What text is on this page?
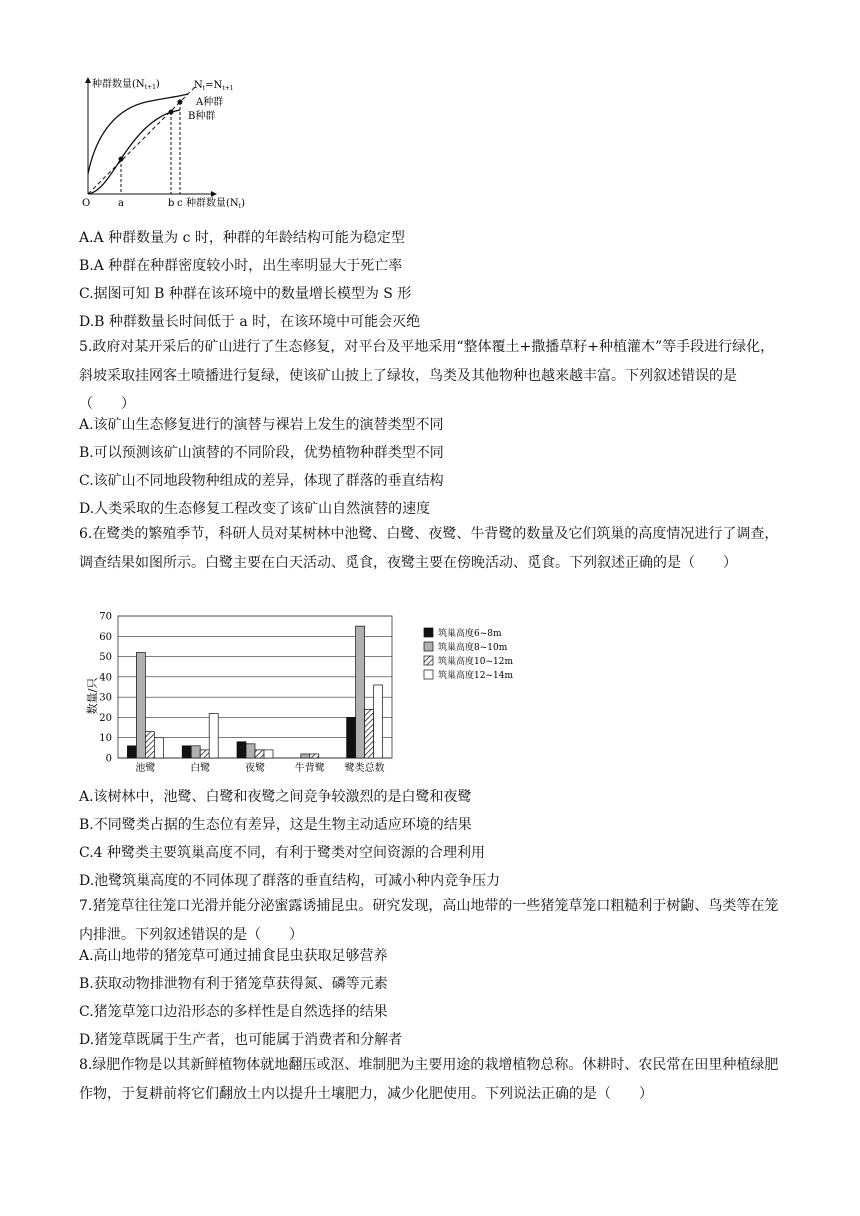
种群数量$(N_{t+1})$
种群数量$(N_t)$
O	a	b c
$N_t=N_{t+1}$
A种群
B种群
A.A 种群数量为 c 时，种群的年龄结构可能为稳定型
B.A 种群在种群密度较小时，出生率明显大于死亡率
C.据图可知 B 种群在该环境中的数量增长模型为 S 形
D.B 种群数量长时间低于 a 时，在该环境中可能会灭绝
5.政府对某开采后的矿山进行了生态修复，对平台及平地采用“整体覆土+撒播草籽+种植灌木”等手段进行绿化，斜坡采取挂网客土喷播进行复绿，使该矿山披上了绿妆，鸟类及其他物种也越来越丰富。下列叙述错误的是（　　）
A.该矿山生态修复进行的演替与裸岩上发生的演替类型不同
B.可以预测该矿山演替的不同阶段，优势植物种群类型不同
C.该矿山不同地段物种组成的差异，体现了群落的垂直结构
D.人类采取的生态修复工程改变了该矿山自然演替的速度
6.在鹭类的繁殖季节，科研人员对某树林中池鹭、白鹭、夜鹭、牛背鹭的数量及它们筑巢的高度情况进行了调查，调查结果如图所示。白鹭主要在白天活动、觅食，夜鹭主要在傍晚活动、觅食。下列叙述正确的是（　　）
池鹭	白鹭	夜鹭	牛背鹭 鹭类总数
0
10
20
30
40
50
60
70
数量/只
筑巢高度6~8m
筑巢高度8~10m
筑巢高度10~12m
筑巢高度12~14m
A.该树林中，池鹭、白鹭和夜鹭之间竞争较激烈的是白鹭和夜鹭
B.不同鹭类占据的生态位有差异，这是生物主动适应环境的结果
C.4 种鹭类主要筑巢高度不同，有利于鹭类对空间资源的合理利用
D.池鹭筑巢高度的不同体现了群落的垂直结构，可减小种内竞争压力
7.猪笼草往往笼口光滑并能分泌蜜露诱捕昆虫。研究发现，高山地带的一些猪笼草笼口粗糙利于树鼩、鸟类等在笼内排泄。下列叙述错误的是（　　）
A.高山地带的猪笼草可通过捕食昆虫获取足够营养
B.获取动物排泄物有利于猪笼草获得氮、磷等元素
C.猪笼草笼口边沿形态的多样性是自然选择的结果
D.猪笼草既属于生产者，也可能属于消费者和分解者
8.绿肥作物是以其新鲜植物体就地翻压或沤、堆制肥为主要用途的栽增植物总称。休耕时、农民常在田里种植绿肥作物，于复耕前将它们翻放土内以提升土壤肥力，减少化肥使用。下列说法正确的是（　　）
